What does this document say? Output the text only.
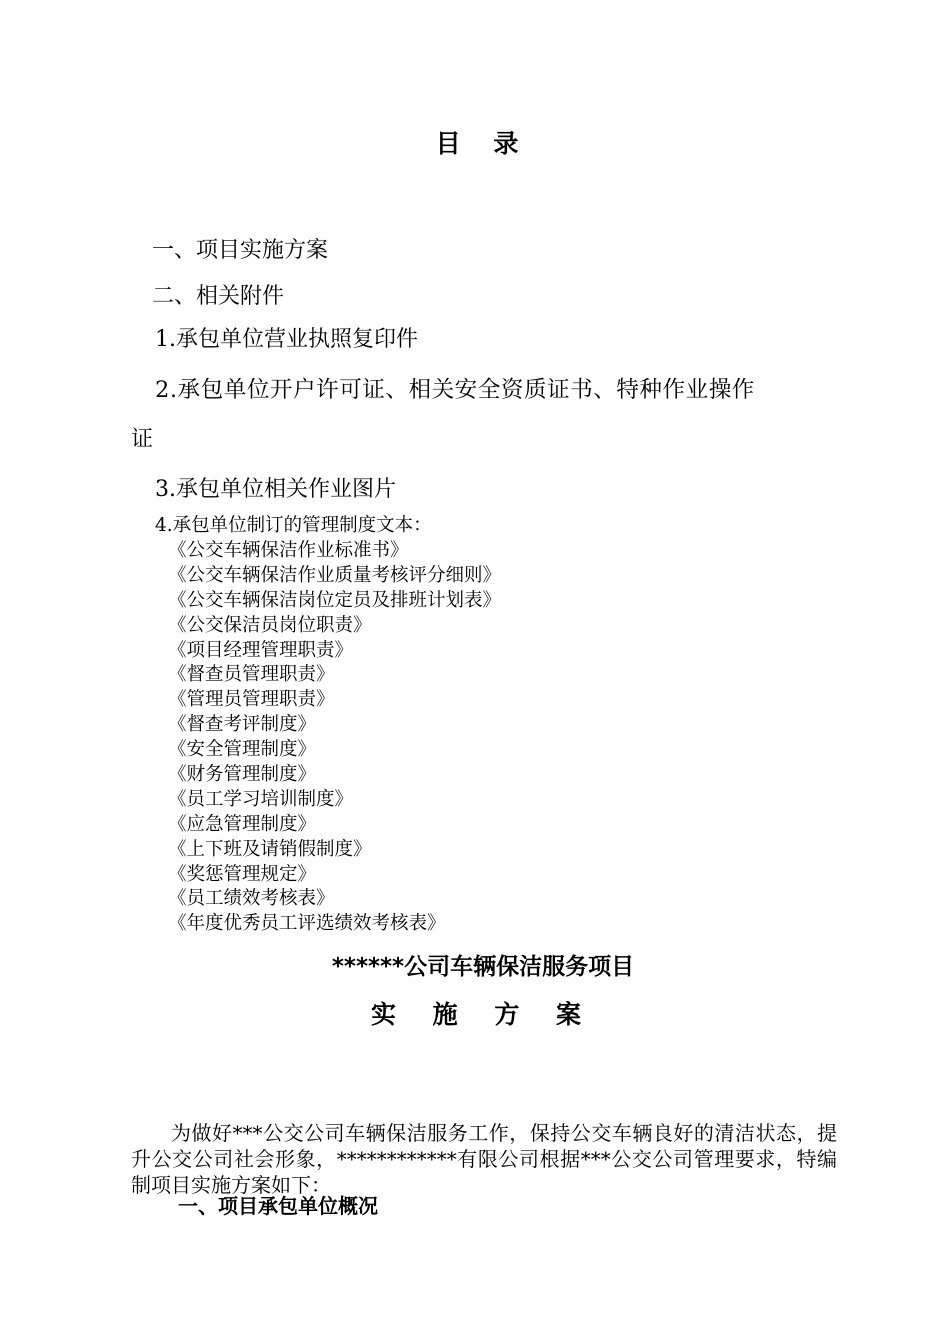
目 录
一、项目实施方案
二、相关附件
1.承包单位营业执照复印件
2.承包单位开户许可证、相关安全资质证书、特种作业操作
证
3.承包单位相关作业图片
4.承包单位制订的管理制度文本：
《公交车辆保洁作业标准书》
《公交车辆保洁作业质量考核评分细则》
《公交车辆保洁岗位定员及排班计划表》
《公交保洁员岗位职责》
《项目经理管理职责》
《督查员管理职责》
《管理员管理职责》
《督查考评制度》
《安全管理制度》
《财务管理制度》
《员工学习培训制度》
《应急管理制度》
《上下班及请销假制度》
《奖惩管理规定》
《员工绩效考核表》
《年度优秀员工评选绩效考核表》
******公司车辆保洁服务项目
实 施 方 案

为做好***公交公司车辆保洁服务工作，保持公交车辆良好的清洁状态，提升公交公司社会形象，************有限公司根据***公交公司管理要求，特编制项目实施方案如下：

一、项目承包单位概况
